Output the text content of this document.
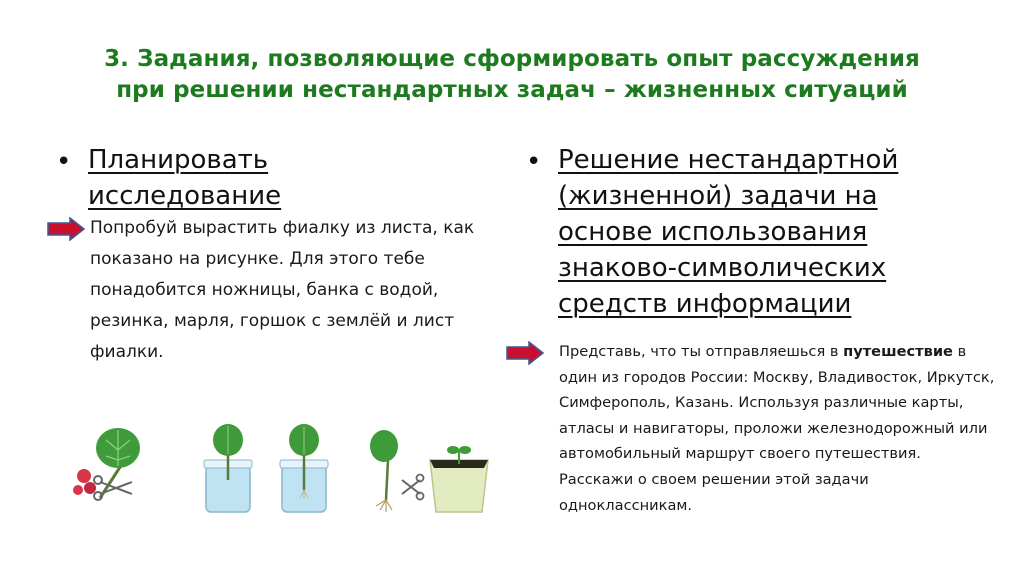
3. Задания, позволяющие сформировать опыт рассуждения
при решении нестандартных задач – жизненных ситуаций
• Планировать
исследование
Попробуй вырастить фиалку из листа, как показано на рисунке. Для этого тебе понадобится ножницы, банка с водой, резинка, марля, горшок с землёй и лист фиалки.
• Решение нестандартной
(жизненной) задачи на
основе использования
знаково-символических
средств информации
Представь, что ты отправляешься в путешествие в один из городов России: Москву, Владивосток, Иркутск, Симферополь, Казань. Используя различные карты, атласы и навигаторы, проложи железнодорожный или автомобильный маршрут своего путешествия. Расскажи о своем решении этой задачи одноклассникам.
